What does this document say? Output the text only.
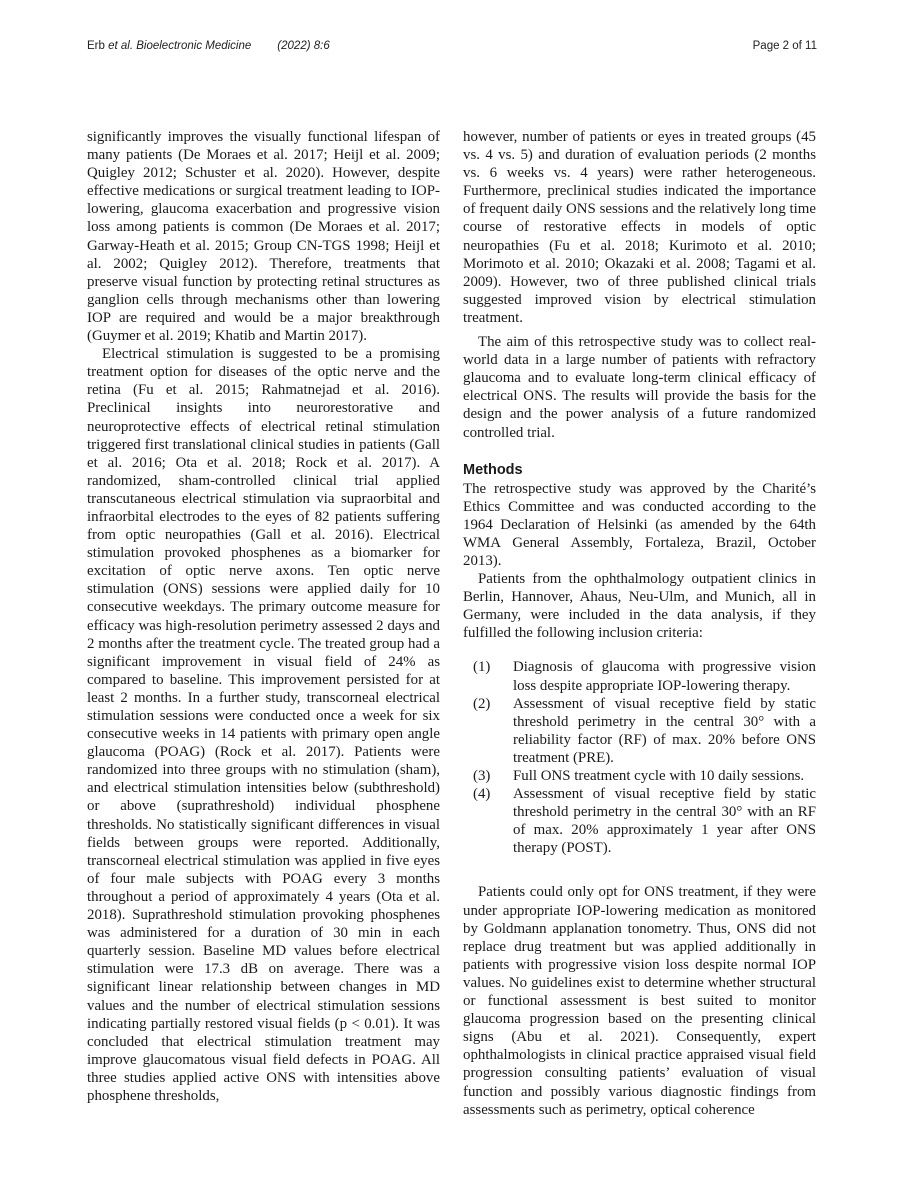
Erb et al. Bioelectronic Medicine (2022) 8:6	Page 2 of 11

significantly improves the visually functional lifespan of many patients (De Moraes et al. 2017; Heijl et al. 2009; Quigley 2012; Schuster et al. 2020). However, despite effective medications or surgical treatment leading to IOP-lowering, glaucoma exacerbation and progressive vision loss among patients is common (De Moraes et al. 2017; Garway-Heath et al. 2015; Group CN-TGS 1998; Heijl et al. 2002; Quigley 2012). Therefore, treatments that preserve visual function by protecting retinal structures as ganglion cells through mechanisms other than lowering IOP are required and would be a major breakthrough (Guymer et al. 2019; Khatib and Martin 2017).

Electrical stimulation is suggested to be a promising treatment option for diseases of the optic nerve and the retina (Fu et al. 2015; Rahmatnejad et al. 2016). Preclinical insights into neurorestorative and neuroprotective effects of electrical retinal stimulation triggered first translational clinical studies in patients (Gall et al. 2016; Ota et al. 2018; Rock et al. 2017). A randomized, sham-controlled clinical trial applied transcutaneous electrical stimulation via supraorbital and infraorbital electrodes to the eyes of 82 patients suffering from optic neuropathies (Gall et al. 2016). Electrical stimulation provoked phosphenes as a biomarker for excitation of optic nerve axons. Ten optic nerve stimulation (ONS) sessions were applied daily for 10 consecutive weekdays. The primary outcome measure for efficacy was high-resolution perimetry assessed 2 days and 2 months after the treatment cycle. The treated group had a significant improvement in visual field of 24% as compared to baseline. This improvement persisted for at least 2 months. In a further study, transcorneal electrical stimulation sessions were conducted once a week for six consecutive weeks in 14 patients with primary open angle glaucoma (POAG) (Rock et al. 2017). Patients were randomized into three groups with no stimulation (sham), and electrical stimulation intensities below (subthreshold) or above (suprathreshold) individual phosphene thresholds. No statistically significant differences in visual fields between groups were reported. Additionally, transcorneal electrical stimulation was applied in five eyes of four male subjects with POAG every 3 months throughout a period of approximately 4 years (Ota et al. 2018). Suprathreshold stimulation provoking phosphenes was administered for a duration of 30 min in each quarterly session. Baseline MD values before electrical stimulation were 17.3 dB on average. There was a significant linear relationship between changes in MD values and the number of electrical stimulation sessions indicating partially restored visual fields (p < 0.01). It was concluded that electrical stimulation treatment may improve glaucomatous visual field defects in POAG. All three studies applied active ONS with intensities above phosphene thresholds,

however, number of patients or eyes in treated groups (45 vs. 4 vs. 5) and duration of evaluation periods (2 months vs. 6 weeks vs. 4 years) were rather heterogeneous. Furthermore, preclinical studies indicated the importance of frequent daily ONS sessions and the relatively long time course of restorative effects in models of optic neuropathies (Fu et al. 2018; Kurimoto et al. 2010; Morimoto et al. 2010; Okazaki et al. 2008; Tagami et al. 2009). However, two of three published clinical trials suggested improved vision by electrical stimulation treatment.

The aim of this retrospective study was to collect real-world data in a large number of patients with refractory glaucoma and to evaluate long-term clinical efficacy of electrical ONS. The results will provide the basis for the design and the power analysis of a future randomized controlled trial.

Methods

The retrospective study was approved by the Charité’s Ethics Committee and was conducted according to the 1964 Declaration of Helsinki (as amended by the 64th WMA General Assembly, Fortaleza, Brazil, October 2013).

Patients from the ophthalmology outpatient clinics in Berlin, Hannover, Ahaus, Neu-Ulm, and Munich, all in Germany, were included in the data analysis, if they fulfilled the following inclusion criteria:

(1) Diagnosis of glaucoma with progressive vision loss despite appropriate IOP-lowering therapy.
(2) Assessment of visual receptive field by static threshold perimetry in the central 30° with a reliability factor (RF) of max. 20% before ONS treatment (PRE).
(3) Full ONS treatment cycle with 10 daily sessions.
(4) Assessment of visual receptive field by static threshold perimetry in the central 30° with an RF of max. 20% approximately 1 year after ONS therapy (POST).

Patients could only opt for ONS treatment, if they were under appropriate IOP-lowering medication as monitored by Goldmann applanation tonometry. Thus, ONS did not replace drug treatment but was applied additionally in patients with progressive vision loss despite normal IOP values. No guidelines exist to determine whether structural or functional assessment is best suited to monitor glaucoma progression based on the presenting clinical signs (Abu et al. 2021). Consequently, expert ophthalmologists in clinical practice appraised visual field progression consulting patients’ evaluation of visual function and possibly various diagnostic findings from assessments such as perimetry, optical coherence
